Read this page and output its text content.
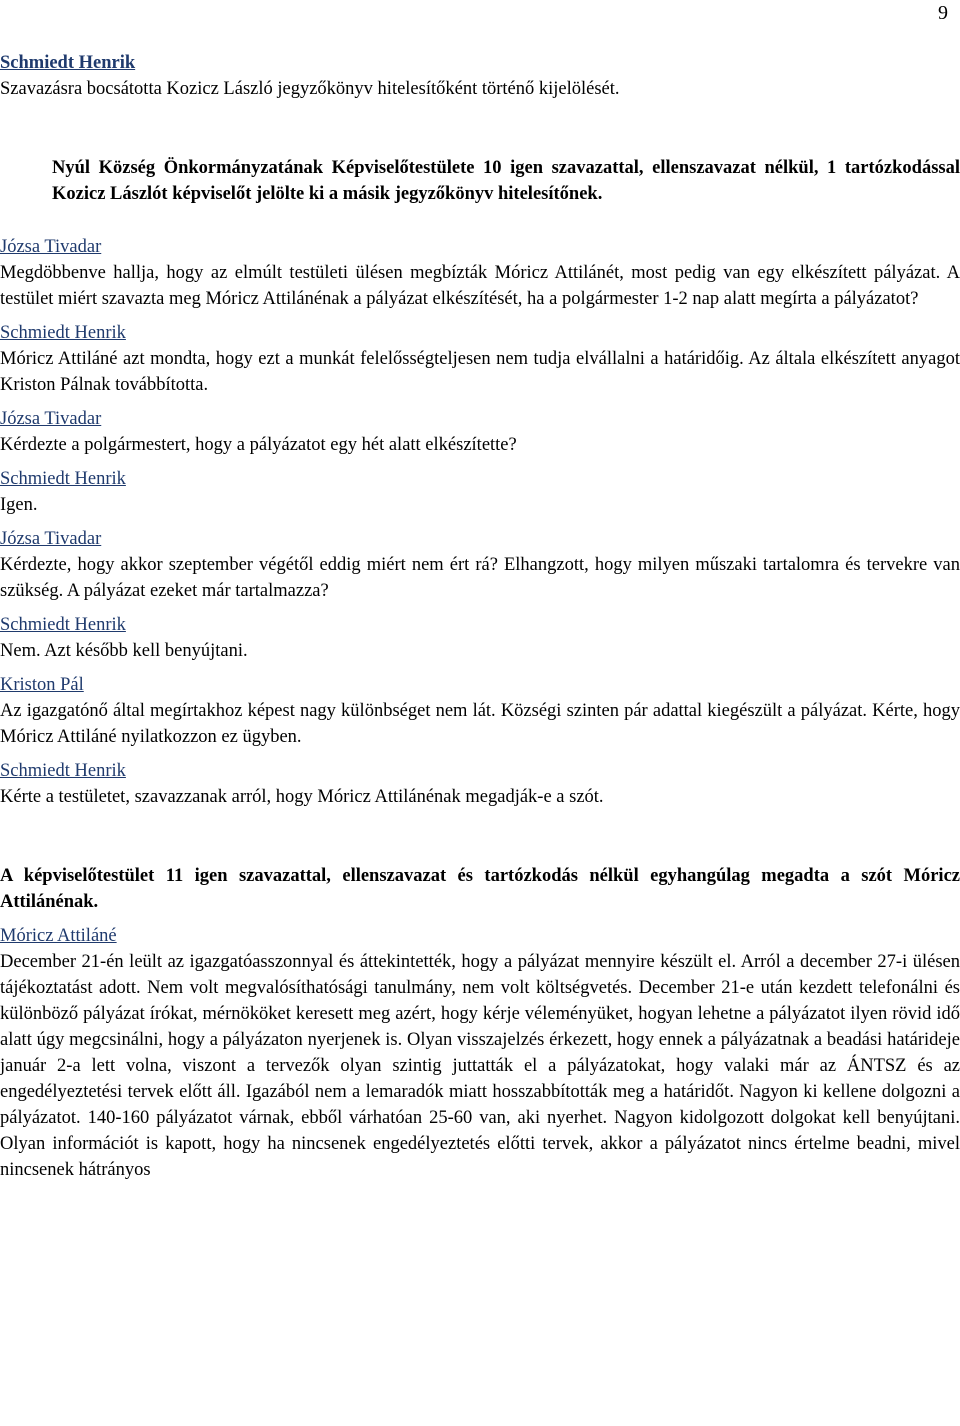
9
Schmiedt Henrik

Szavazásra bocsátotta Kozicz László jegyzőkönyv hitelesítőként történő kijelölését.

Nyúl Község Önkormányzatának Képviselőtestülete 10 igen szavazattal, ellenszavazat nélkül, 1 tartózkodással Kozicz Lászlót képviselőt jelölte ki a másik jegyzőkönyv hitelesítőnek.

Józsa Tivadar

Megdöbbenve hallja, hogy az elmúlt testületi ülésen megbízták Móricz Attilánét, most pedig van egy elkészített pályázat. A testület miért szavazta meg Móricz Attilánénak a pályázat elkészítését, ha a polgármester 1-2 nap alatt megírta a pályázatot?

Schmiedt Henrik

Móricz Attiláné azt mondta, hogy ezt a munkát felelősségteljesen nem tudja elvállalni a határidőig. Az általa elkészített anyagot Kriston Pálnak továbbította.

Józsa Tivadar

Kérdezte a polgármestert, hogy a pályázatot egy hét alatt elkészítette?

Schmiedt Henrik

Igen.

Józsa Tivadar

Kérdezte, hogy akkor szeptember végétől eddig miért nem ért rá? Elhangzott, hogy milyen műszaki tartalomra és tervekre van szükség. A pályázat ezeket már tartalmazza?

Schmiedt Henrik

Nem. Azt később kell benyújtani.

Kriston Pál

Az igazgatónő által megírtakhoz képest nagy különbséget nem lát. Községi szinten pár adattal kiegészült a pályázat. Kérte, hogy Móricz Attiláné nyilatkozzon ez ügyben.

Schmiedt Henrik

Kérte a testületet, szavazzanak arról, hogy Móricz Attilánénak megadják-e a szót.

A képviselőtestület 11 igen szavazattal, ellenszavazat és tartózkodás nélkül egyhangúlag megadta a szót Móricz Attilánénak.

Móricz Attiláné

December 21-én leült az igazgatóasszonnyal és áttekintették, hogy a pályázat mennyire készült el. Arról a december 27-i ülésen tájékoztatást adott. Nem volt megvalósíthatósági tanulmány, nem volt költségvetés. December 21-e után kezdett telefonálni és különböző pályázat írókat, mérnököket keresett meg azért, hogy kérje véleményüket, hogyan lehetne a pályázatot ilyen rövid idő alatt úgy megcsinálni, hogy a pályázaton nyerjenek is. Olyan visszajelzés érkezett, hogy ennek a pályázatnak a beadási határideje január 2-a lett volna, viszont a tervezők olyan szintig juttatták el a pályázatokat, hogy valaki már az ÁNTSZ és az engedélyeztetési tervek előtt áll. Igazából nem a lemaradók miatt hosszabbították meg a határidőt. Nagyon ki kellene dolgozni a pályázatot. 140-160 pályázatot várnak, ebből várhatóan 25-60 van, aki nyerhet. Nagyon kidolgozott dolgokat kell benyújtani. Olyan információt is kapott, hogy ha nincsenek engedélyeztetés előtti tervek, akkor a pályázatot nincs értelme beadni, mivel nincsenek hátrányos
